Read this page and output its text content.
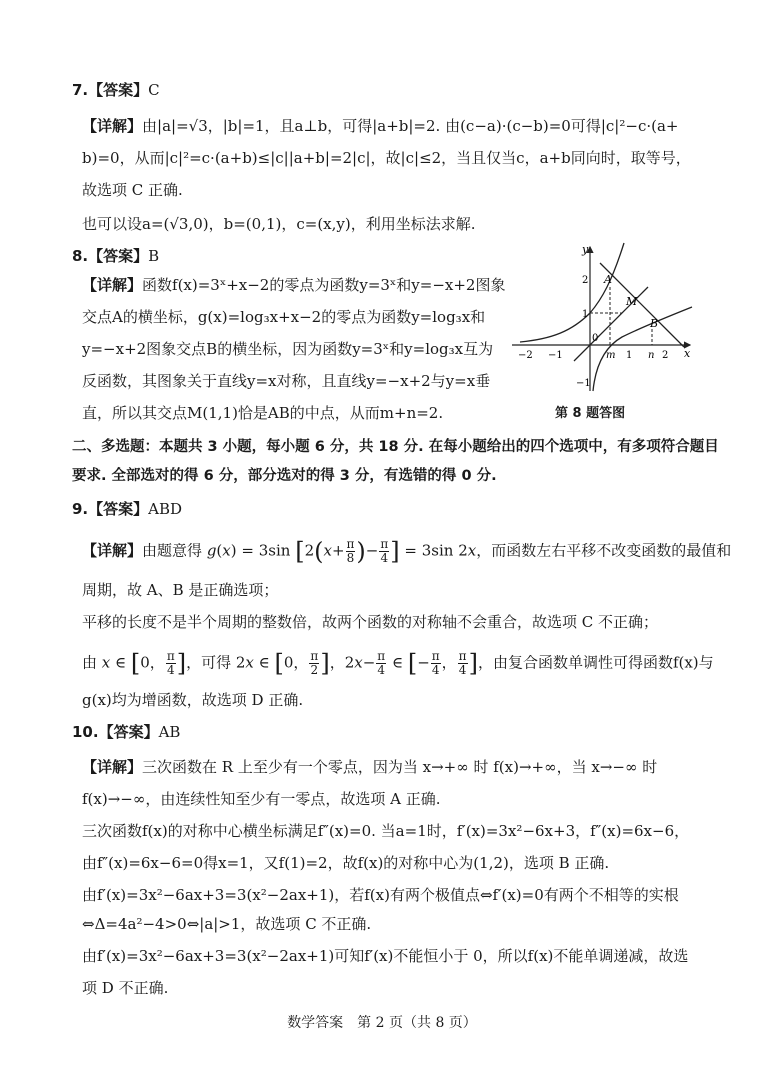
7.【答案】C
【详解】由|a|=√3，|b|=1，且a⊥b，可得|a+b|=2. 由(c−a)·(c−b)=0可得|c|²−c·(a+
b)=0，从而|c|²=c·(a+b)≤|c||a+b|=2|c|，故|c|≤2，当且仅当c，a+b同向时，取等号，
故选项 C 正确.
也可以设a=(√3,0)，b=(0,1)，c=(x,y)，利用坐标法求解.
8.【答案】B
【详解】函数f(x)=3ˣ+x−2的零点为函数y=3ˣ和y=−x+2图象
交点A的横坐标，g(x)=log₃x+x−2的零点为函数y=log₃x和
y=−x+2图象交点B的横坐标，因为函数y=3ˣ和y=log₃x互为
反函数，其图象关于直线y=x对称，且直线y=−x+2与y=x垂
直，所以其交点M(1,1)恰是AB的中点，从而m+n=2.
y
x
0
A
M
B
m	n
−2 −1	1	2
1
2
−1
第 8 题答图
二、多选题：本题共 3 小题，每小题 6 分，共 18 分. 在每小题给出的四个选项中，有多项符合题目
要求. 全部选对的得 6 分，部分选对的得 3 分，有选错的得 0 分.
9.【答案】ABD
【详解】由题意得 g(x) = 3sin [$2(x+ \frac{\pi}{8}$ )− $\frac{\pi}{4}$ ] = 3sin 2x，而函数左右平移不改变函数的最值和
周期，故 A、B 是正确选项；
平移的长度不是半个周期的整数倍，故两个函数的对称轴不会重合，故选项 C 不正确；
由 x ∈ [0， $\frac{\pi}{4}$ ]，可得 2x ∈ [0， $\frac{\pi}{2}$ ]，$2x- \frac{\pi}{4}$ ∈ [− $\frac{\pi}{4}$ ， $\frac{\pi}{4}$ ]，由复合函数单调性可得函数f(x)与
g(x)均为增函数，故选项 D 正确.
10.【答案】AB
【详解】三次函数在 R 上至少有一个零点，因为当 x→+∞ 时 f(x)→+∞，当 x→−∞ 时
f(x)→−∞，由连续性知至少有一零点，故选项 A 正确.
三次函数f(x)的对称中心横坐标满足f″(x)=0. 当a=1时，f′(x)=3x²−6x+3，f″(x)=6x−6，
由f″(x)=6x−6=0得x=1，又f(1)=2，故f(x)的对称中心为(1,2)，选项 B 正确.
由f′(x)=3x²−6ax+3=3(x²−2ax+1)，若f(x)有两个极值点⇔f′(x)=0有两个不相等的实根
⇔Δ=4a²−4>0⇔|a|>1，故选项 C 不正确.
由f′(x)=3x²−6ax+3=3(x²−2ax+1)可知f′(x)不能恒小于 0，所以f(x)不能单调递减，故选
项 D 不正确.
数学答案　第 2 页（共 8 页）
